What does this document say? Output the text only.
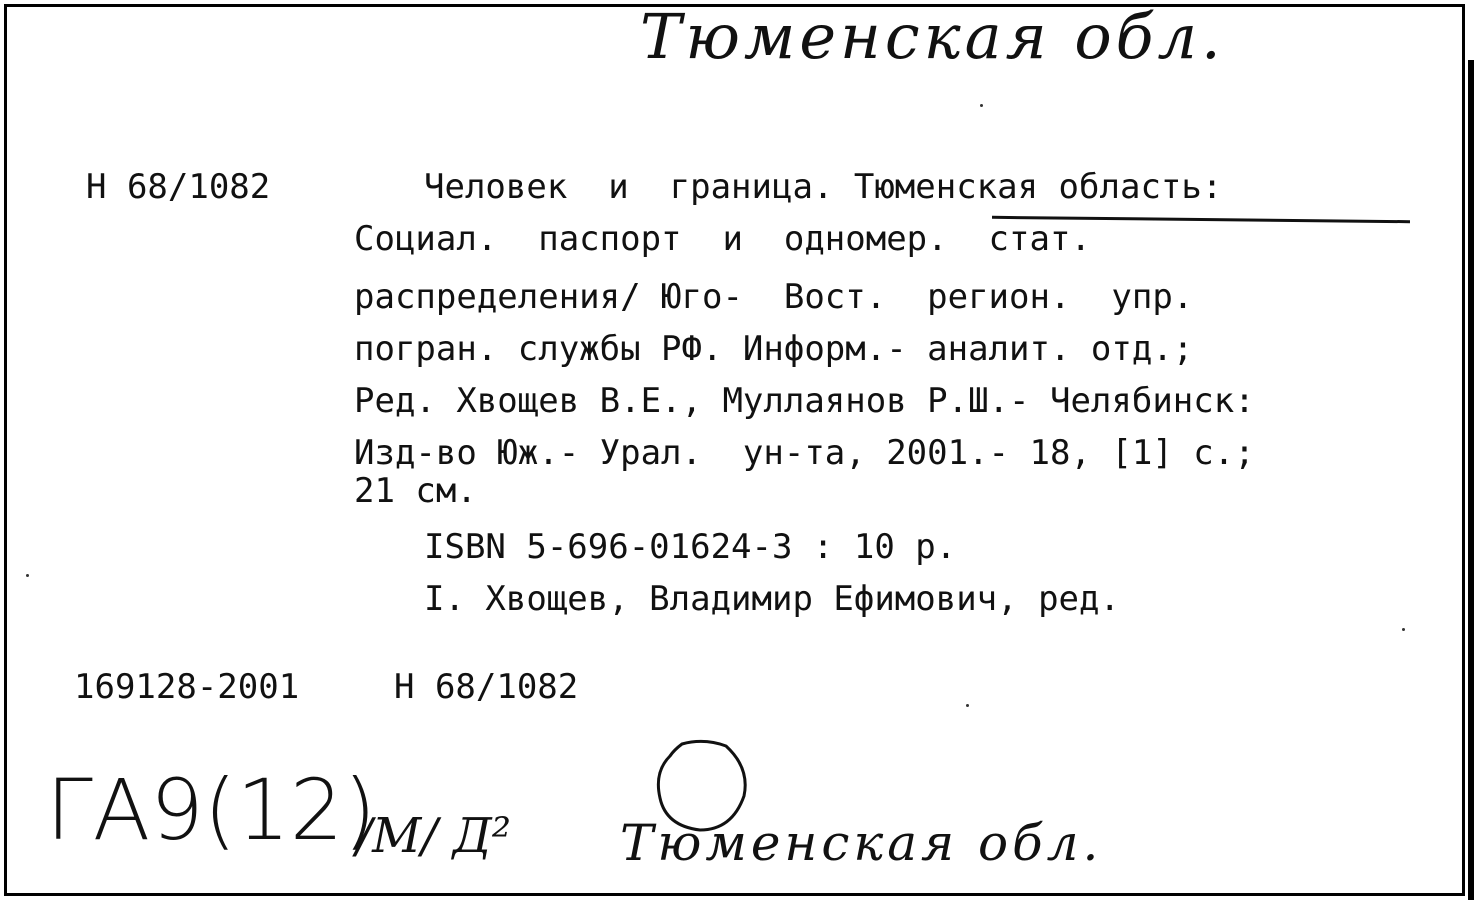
Тюменская обл.
Н 68/1082	Человек  и  граница. Тюменская область:
Социал.  паспорт  и  одномер.  стат.
распределения/ Юго-  Вост.  регион.  упр.
погран. службы РФ. Информ.- аналит. отд.;
Ред. Хвощев В.Е., Муллаянов Р.Ш.- Челябинск:
Изд-во Юж.- Урал.  ун-та, 2001.- 18, [1] с.;
21 см.
ISBN 5-696-01624-3 : 10 р.
I. Хвощев, Владимир Ефимович, ред.
169128-2001	Н 68/1082
ГА9(12)
/М/ Д² Тюменская обл.
